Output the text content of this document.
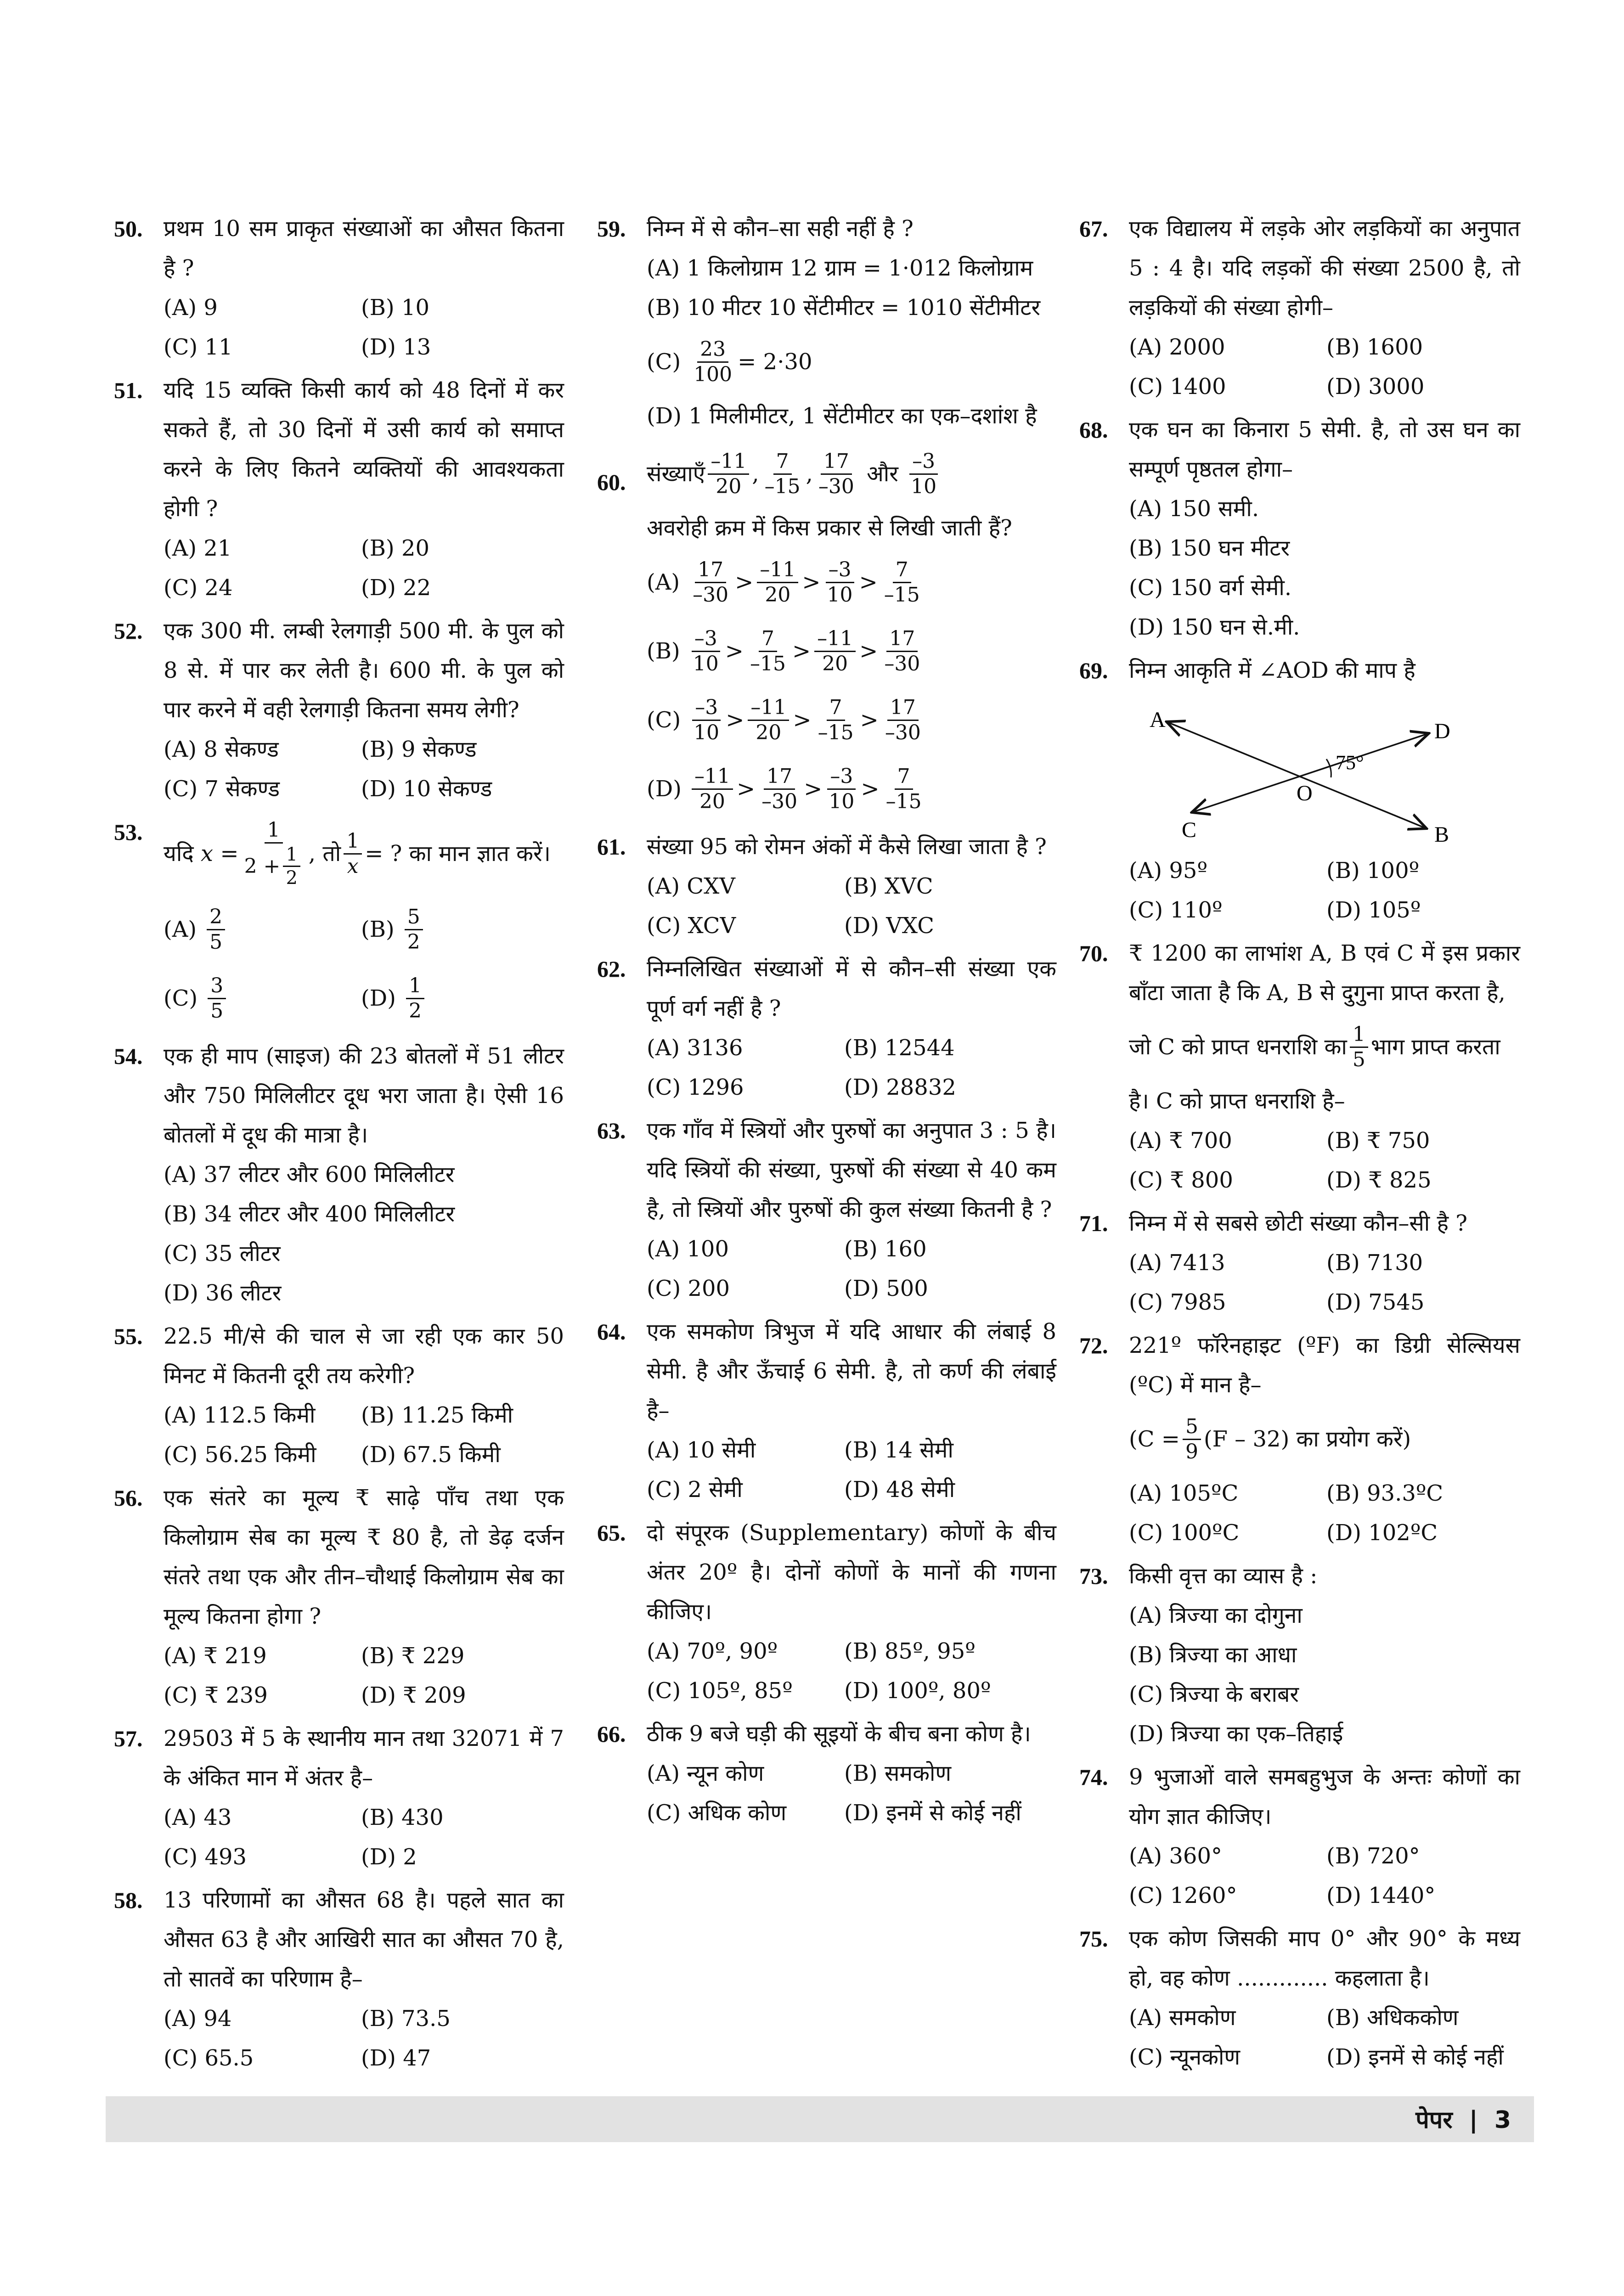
50. प्रथम 10 सम प्राकृत संख्याओं का औसत कितना है ?
(A) 9	(B) 10
(C) 11	(D) 13
51. यदि 15 व्यक्ति किसी कार्य को 48 दिनों में कर सकते हैं, तो 30 दिनों में उसी कार्य को समाप्त करने के लिए कितने व्यक्तियों की आवश्यकता होगी ?
(A) 21	(B) 20
(C) 24	(D) 22
52. एक 300 मी. लम्बी रेलगाड़ी 500 मी. के पुल को 8 से. में पार कर लेती है। 600 मी. के पुल को पार करने में वही रेलगाड़ी कितना समय लेगी?
(A) 8 सेकण्ड	(B) 9 सेकण्ड
(C) 7 सेकण्ड	(D) 10 सेकण्ड
53.
यदि
$x = \frac{1}{2 + \frac{1}{2}}$ , तो $\frac{1}{x}$ = ?
का मान ज्ञात करें।
$(A) \frac{2}{5}$	$(B) \frac{5}{2}$
$(C) \frac{3}{5}$	$(D) \frac{1}{2}$
54. एक ही माप (साइज) की 23 बोतलों में 51 लीटर और 750 मिलिलीटर दूध भरा जाता है। ऐसी 16 बोतलों में दूध की मात्रा है।
(A) 37 लीटर और 600 मिलिलीटर
(B) 34 लीटर और 400 मिलिलीटर
(C) 35 लीटर
(D) 36 लीटर
55. 22.5 मी/से की चाल से जा रही एक कार 50 मिनट में कितनी दूरी तय करेगी?
(A) 112.5 किमी	(B) 11.25 किमी
(C) 56.25 किमी	(D) 67.5 किमी
56. एक संतरे का मूल्य ₹ साढ़े पाँच तथा एक किलोग्राम सेब का मूल्य ₹ 80 है, तो डेढ़ दर्जन संतरे तथा एक और तीन–चौथाई किलोग्राम सेब का मूल्य कितना होगा ?
(A) ₹ 219	(B) ₹ 229
(C) ₹ 239	(D) ₹ 209
57. 29503 में 5 के स्थानीय मान तथा 32071 में 7 के अंकित मान में अंतर है–
(A) 43	(B) 430
(C) 493	(D) 2
58. 13 परिणामों का औसत 68 है। पहले सात का औसत 63 है और आखिरी सात का औसत 70 है, तो सातवें का परिणाम है–
(A) 94	(B) 73.5
(C) 65.5	(D) 47
59. निम्न में से कौन–सा सही नहीं है ?
(A) 1 किलोग्राम 12 ग्राम = 1·012 किलोग्राम
(B) 10 मीटर 10 सेंटीमीटर = 1010 सेंटीमीटर
$(C) \frac{23}{100} = 2\cdot 30$
(D) 1 मिलीमीटर, 1 सेंटीमीटर का एक–दशांश है
60. संख्याएँ $\frac{-11}{20}$ , $\frac{7}{-15}$ , $\frac{17}{-30}$
और
$\frac{-3}{10}$
अवरोही क्रम में किस प्रकार से लिखी जाती हैं?
$(A) \frac{17}{-30} > \frac{-11}{20} > \frac{-3}{10} > \frac{7}{-15}$
$(B) \frac{-3}{10} > \frac{7}{-15} > \frac{-11}{20} > \frac{17}{-30}$
$(C) \frac{-3}{10} > \frac{-11}{20} > \frac{7}{-15} > \frac{17}{-30}$
$(D) \frac{-11}{20} > \frac{17}{-30} > \frac{-3}{10} > \frac{7}{-15}$
61. संख्या 95 को रोमन अंकों में कैसे लिखा जाता है ?
(A) CXV	(B) XVC
(C) XCV	(D) VXC
62. निम्नलिखित संख्याओं में से कौन–सी संख्या एक पूर्ण वर्ग नहीं है ?
(A) 3136	(B) 12544
(C) 1296	(D) 28832
63. एक गाँव में स्त्रियों और पुरुषों का अनुपात 3 : 5 है। यदि स्त्रियों की संख्या, पुरुषों की संख्या से 40 कम है, तो स्त्रियों और पुरुषों की कुल संख्या कितनी है ?
(A) 100	(B) 160
(C) 200	(D) 500
64. एक समकोण त्रिभुज में यदि आधार की लंबाई 8 सेमी. है और ऊँचाई 6 सेमी. है, तो कर्ण की लंबाई है–
(A) 10 सेमी	(B) 14 सेमी
(C) 2 सेमी	(D) 48 सेमी
65. दो संपूरक (Supplementary) कोणों के बीच अंतर 20º है। दोनों कोणों के मानों की गणना कीजिए।
(A) 70º, 90º	(B) 85º, 95º
(C) 105º, 85º	(D) 100º, 80º
66. ठीक 9 बजे घड़ी की सूइयों के बीच बना कोण है।
(A) न्यून कोण	(B) समकोण
(C) अधिक कोण	(D) इनमें से कोई नहीं
67. एक विद्यालय में लड़के ओर लड़कियों का अनुपात 5 : 4 है। यदि लड़कों की संख्या 2500 है, तो लड़कियों की संख्या होगी–
(A) 2000	(B) 1600
(C) 1400	(D) 3000
68. एक घन का किनारा 5 सेमी. है, तो उस घन का सम्पूर्ण पृष्ठतल होगा–
(A) 150 समी.
(B) 150 घन मीटर
(C) 150 वर्ग सेमी.
(D) 150 घन से.मी.
69. निम्न आकृति में ∠AOD की माप है
A	D
C	B
O
75°
(A) 95º	(B) 100º
(C) 110º	(D) 105º
70. ₹ 1200 का लाभांश A, B एवं C में इस प्रकार बाँटा जाता है कि A, B से दुगुना प्राप्त करता है,
जो C को प्राप्त धनराशि का $\frac{1}{5}$ भाग प्राप्त करता
है। C को प्राप्त धनराशि है–
(A) ₹ 700	(B) ₹ 750
(C) ₹ 800	(D) ₹ 825
71. निम्न में से सबसे छोटी संख्या कौन–सी है ?
(A) 7413	(B) 7130
(C) 7985	(D) 7545
72. 221º फॉरेनहाइट (ºF) का डिग्री सेल्सियस (ºC) में मान है–
($C = \frac{5}{9} (F - 32)$ का प्रयोग करें)
(A) 105ºC	(B) 93.3ºC
(C) 100ºC	(D) 102ºC
73. किसी वृत्त का व्यास है :
(A) त्रिज्या का दोगुना
(B) त्रिज्या का आधा
(C) त्रिज्या के बराबर
(D) त्रिज्या का एक–तिहाई
74. 9 भुजाओं वाले समबहुभुज के अन्तः कोणों का योग ज्ञात कीजिए।
(A) 360°	(B) 720°
(C) 1260°	(D) 1440°
75. एक कोण जिसकी माप 0° और 90° के मध्य हो, वह कोण ............. कहलाता है।
(A) समकोण	(B) अधिककोण
(C) न्यूनकोण	(D) इनमें से कोई नहीं
पेपर | 3
